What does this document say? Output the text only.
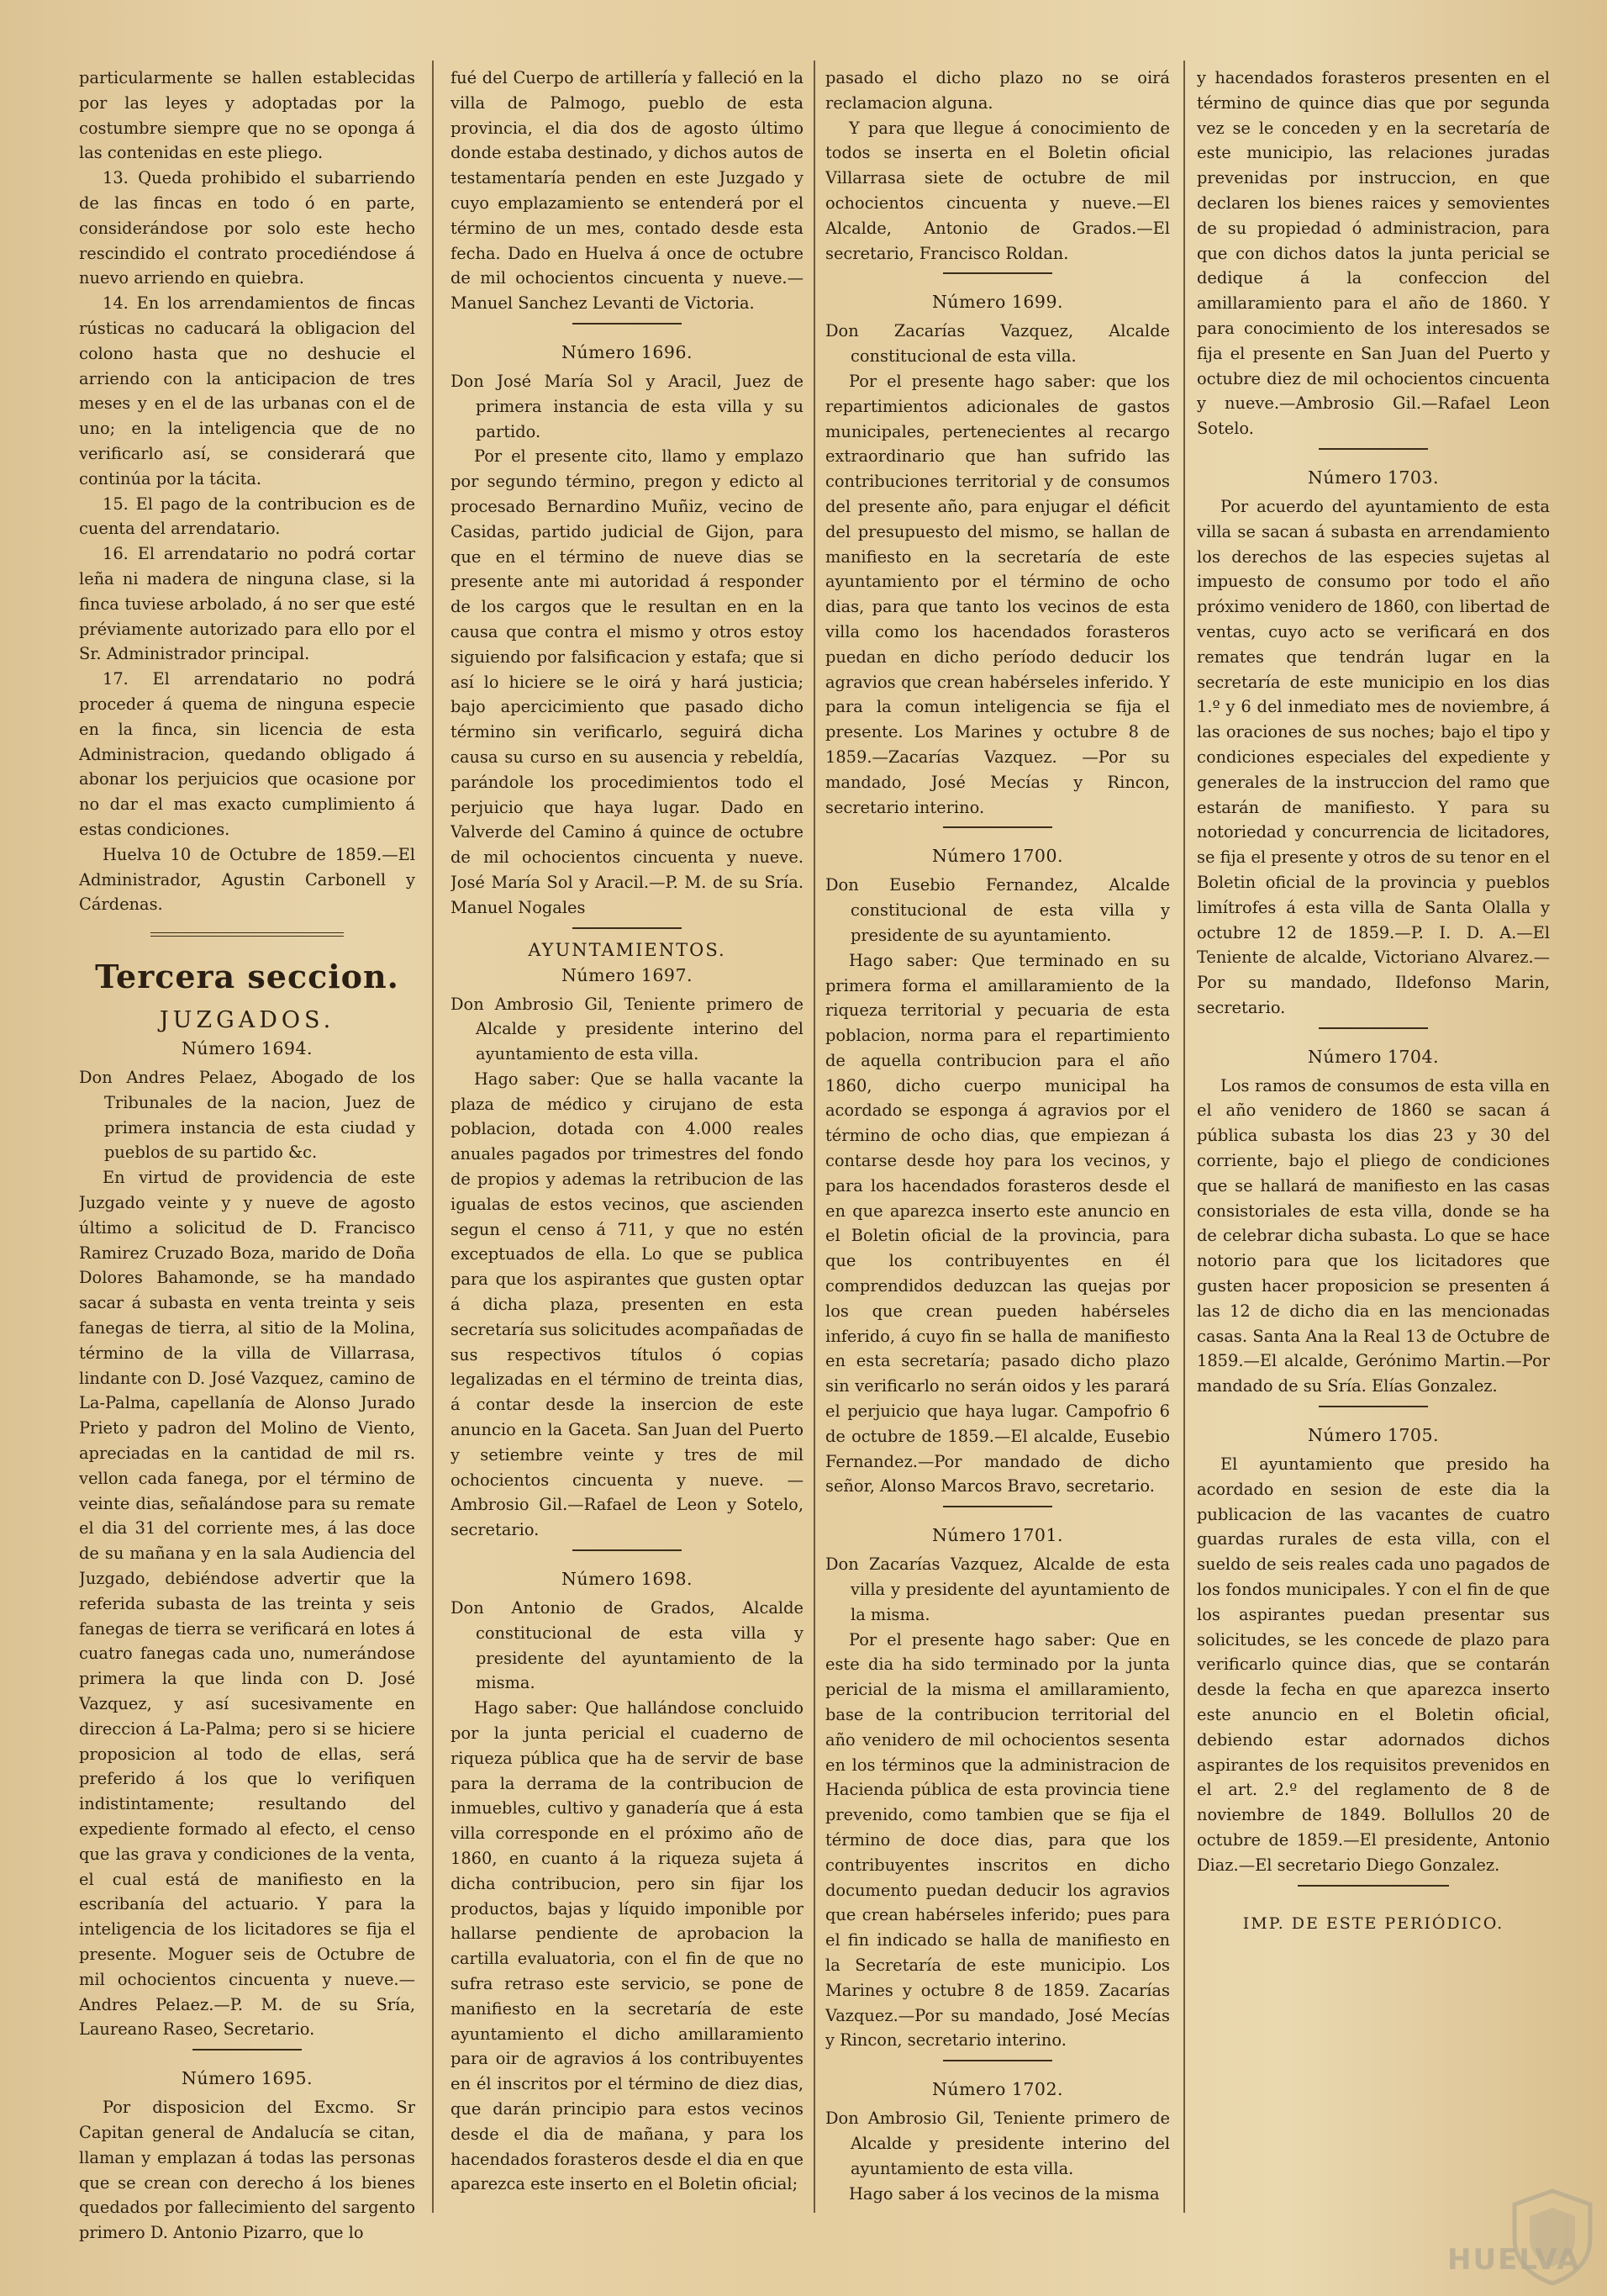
particularmente se hallen establecidas por las leyes y adoptadas por la costumbre siempre que no se oponga á las contenidas en este pliego.

13. Queda prohibido el subarriendo de las fincas en todo ó en parte, considerándose por solo este hecho rescindido el contrato procediéndose á nuevo arriendo en quiebra.

14. En los arrendamientos de fincas rústicas no caducará la obligacion del colono hasta que no deshucie el arriendo con la anticipacion de tres meses y en el de las urbanas con el de uno; en la inteligencia que de no verificarlo así, se considerará que continúa por la tácita.

15. El pago de la contribucion es de cuenta del arrendatario.

16. El arrendatario no podrá cortar leña ni madera de ninguna clase, si la finca tuviese arbolado, á no ser que esté préviamente autorizado para ello por el Sr. Administrador principal.

17. El arrendatario no podrá proceder á quema de ninguna especie en la finca, sin licencia de esta Administracion, quedando obligado á abonar los perjuicios que ocasione por no dar el mas exacto cumplimiento á estas condiciones.

Huelva 10 de Octubre de 1859.—El Administrador, Agustin Carbonell y Cárdenas.

Tercera seccion.
JUZGADOS.
Número 1694.

Don Andres Pelaez, Abogado de los Tribunales de la nacion, Juez de primera instancia de esta ciudad y pueblos de su partido &c.

En virtud de providencia de este Juzgado veinte y y nueve de agosto último a solicitud de D. Francisco Ramirez Cruzado Boza, marido de Doña Dolores Bahamonde, se ha mandado sacar á subasta en venta treinta y seis fanegas de tierra, al sitio de la Molina, término de la villa de Villarrasa, lindante con D. José Vazquez, camino de La-Palma, capellanía de Alonso Jurado Prieto y padron del Molino de Viento, apreciadas en la cantidad de mil rs. vellon cada fanega, por el término de veinte dias, señalándose para su remate el dia 31 del corriente mes, á las doce de su mañana y en la sala Audiencia del Juzgado, debiéndose advertir que la referida subasta de las treinta y seis fanegas de tierra se verificará en lotes á cuatro fanegas cada uno, numerándose primera la que linda con D. José Vazquez, y así sucesivamente en direccion á La-Palma; pero si se hiciere proposicion al todo de ellas, será preferido á los que lo verifiquen indistintamente; resultando del expediente formado al efecto, el censo que las grava y condiciones de la venta, el cual está de manifiesto en la escribanía del actuario. Y para la inteligencia de los licitadores se fija el presente. Moguer seis de Octubre de mil ochocientos cincuenta y nueve.—Andres Pelaez.—P. M. de su Sría, Laureano Raseo, Secretario.

Número 1695.

Por disposicion del Excmo. Sr Capitan general de Andalucía se citan, llaman y emplazan á todas las personas que se crean con derecho á los bienes quedados por fallecimiento del sargento primero D. Antonio Pizarro, que lo

fué del Cuerpo de artillería y falleció en la villa de Palmogo, pueblo de esta provincia, el dia dos de agosto último donde estaba destinado, y dichos autos de testamentaría penden en este Juzgado y cuyo emplazamiento se entenderá por el término de un mes, contado desde esta fecha. Dado en Huelva á once de octubre de mil ochocientos cincuenta y nueve.—Manuel Sanchez Levanti de Victoria.

Número 1696.

Don José María Sol y Aracil, Juez de primera instancia de esta villa y su partido.

Por el presente cito, llamo y emplazo por segundo término, pregon y edicto al procesado Bernardino Muñiz, vecino de Casidas, partido judicial de Gijon, para que en el término de nueve dias se presente ante mi autoridad á responder de los cargos que le resultan en en la causa que contra el mismo y otros estoy siguiendo por falsificacion y estafa; que si así lo hiciere se le oirá y hará justicia; bajo apercicimiento que pasado dicho término sin verificarlo, seguirá dicha causa su curso en su ausencia y rebeldía, parándole los procedimientos todo el perjuicio que haya lugar. Dado en Valverde del Camino á quince de octubre de mil ochocientos cincuenta y nueve. José María Sol y Aracil.—P. M. de su Sría. Manuel Nogales

AYUNTAMIENTOS.
Número 1697.

Don Ambrosio Gil, Teniente primero de Alcalde y presidente interino del ayuntamiento de esta villa.

Hago saber: Que se halla vacante la plaza de médico y cirujano de esta poblacion, dotada con 4.000 reales anuales pagados por trimestres del fondo de propios y ademas la retribucion de las igualas de estos vecinos, que ascienden segun el censo á 711, y que no estén exceptuados de ella. Lo que se publica para que los aspirantes que gusten optar á dicha plaza, presenten en esta secretaría sus solicitudes acompañadas de sus respectivos títulos ó copias legalizadas en el término de treinta dias, á contar desde la insercion de este anuncio en la Gaceta. San Juan del Puerto y setiembre veinte y tres de mil ochocientos cincuenta y nueve. —Ambrosio Gil.—Rafael de Leon y Sotelo, secretario.

Número 1698.

Don Antonio de Grados, Alcalde constitucional de esta villa y presidente del ayuntamiento de la misma.

Hago saber: Que hallándose concluido por la junta pericial el cuaderno de riqueza pública que ha de servir de base para la derrama de la contribucion de inmuebles, cultivo y ganadería que á esta villa corresponde en el próximo año de 1860, en cuanto á la riqueza sujeta á dicha contribucion, pero sin fijar los productos, bajas y líquido imponible por hallarse pendiente de aprobacion la cartilla evaluatoria, con el fin de que no sufra retraso este servicio, se pone de manifiesto en la secretaría de este ayuntamiento el dicho amillaramiento para oir de agravios á los contribuyentes en él inscritos por el término de diez dias, que darán principio para estos vecinos desde el dia de mañana, y para los hacendados forasteros desde el dia en que aparezca este inserto en el Boletin oficial;

pasado el dicho plazo no se oirá reclamacion alguna.

Y para que llegue á conocimiento de todos se inserta en el Boletin oficial Villarrasa siete de octubre de mil ochocientos cincuenta y nueve.—El Alcalde, Antonio de Grados.—El secretario, Francisco Roldan.

Número 1699.

Don Zacarías Vazquez, Alcalde constitucional de esta villa.

Por el presente hago saber: que los repartimientos adicionales de gastos municipales, pertenecientes al recargo extraordinario que han sufrido las contribuciones territorial y de consumos del presente año, para enjugar el déficit del presupuesto del mismo, se hallan de manifiesto en la secretaría de este ayuntamiento por el término de ocho dias, para que tanto los vecinos de esta villa como los hacendados forasteros puedan en dicho período deducir los agravios que crean habérseles inferido. Y para la comun inteligencia se fija el presente. Los Marines y octubre 8 de 1859.—Zacarías Vazquez. —Por su mandado, José Mecías y Rincon, secretario interino.

Número 1700.

Don Eusebio Fernandez, Alcalde constitucional de esta villa y presidente de su ayuntamiento.

Hago saber: Que terminado en su primera forma el amillaramiento de la riqueza territorial y pecuaria de esta poblacion, norma para el repartimiento de aquella contribucion para el año 1860, dicho cuerpo municipal ha acordado se esponga á agravios por el término de ocho dias, que empiezan á contarse desde hoy para los vecinos, y para los hacendados forasteros desde el en que aparezca inserto este anuncio en el Boletin oficial de la provincia, para que los contribuyentes en él comprendidos deduzcan las quejas por los que crean pueden habérseles inferido, á cuyo fin se halla de manifiesto en esta secretaría; pasado dicho plazo sin verificarlo no serán oidos y les parará el perjuicio que haya lugar. Campofrio 6 de octubre de 1859.—El alcalde, Eusebio Fernandez.—Por mandado de dicho señor, Alonso Marcos Bravo, secretario.

Número 1701.

Don Zacarías Vazquez, Alcalde de esta villa y presidente del ayuntamiento de la misma.

Por el presente hago saber: Que en este dia ha sido terminado por la junta pericial de la misma el amillaramiento, base de la contribucion territorial del año venidero de mil ochocientos sesenta en los términos que la administracion de Hacienda pública de esta provincia tiene prevenido, como tambien que se fija el término de doce dias, para que los contribuyentes inscritos en dicho documento puedan deducir los agravios que crean habérseles inferido; pues para el fin indicado se halla de manifiesto en la Secretaría de este municipio. Los Marines y octubre 8 de 1859. Zacarías Vazquez.—Por su mandado, José Mecías y Rincon, secretario interino.

Número 1702.

Don Ambrosio Gil, Teniente primero de Alcalde y presidente interino del ayuntamiento de esta villa.

Hago saber á los vecinos de la misma

y hacendados forasteros presenten en el término de quince dias que por segunda vez se le conceden y en la secretaría de este municipio, las relaciones juradas prevenidas por instruccion, en que declaren los bienes raices y semovientes de su propiedad ó administracion, para que con dichos datos la junta pericial se dedique á la confeccion del amillaramiento para el año de 1860. Y para conocimiento de los interesados se fija el presente en San Juan del Puerto y octubre diez de mil ochocientos cincuenta y nueve.—Ambrosio Gil.—Rafael Leon Sotelo.

Número 1703.

Por acuerdo del ayuntamiento de esta villa se sacan á subasta en arrendamiento los derechos de las especies sujetas al impuesto de consumo por todo el año próximo venidero de 1860, con libertad de ventas, cuyo acto se verificará en dos remates que tendrán lugar en la secretaría de este municipio en los dias 1.º y 6 del inmediato mes de noviembre, á las oraciones de sus noches; bajo el tipo y condiciones especiales del expediente y generales de la instruccion del ramo que estarán de manifiesto. Y para su notoriedad y concurrencia de licitadores, se fija el presente y otros de su tenor en el Boletin oficial de la provincia y pueblos limítrofes á esta villa de Santa Olalla y octubre 12 de 1859.—P. I. D. A.—El Teniente de alcalde, Victoriano Alvarez.—Por su mandado, Ildefonso Marin, secretario.

Número 1704.

Los ramos de consumos de esta villa en el año venidero de 1860 se sacan á pública subasta los dias 23 y 30 del corriente, bajo el pliego de condiciones que se hallará de manifiesto en las casas consistoriales de esta villa, donde se ha de celebrar dicha subasta. Lo que se hace notorio para que los licitadores que gusten hacer proposicion se presenten á las 12 de dicho dia en las mencionadas casas. Santa Ana la Real 13 de Octubre de 1859.—El alcalde, Gerónimo Martin.—Por mandado de su Sría. Elías Gonzalez.

Número 1705.

El ayuntamiento que presido ha acordado en sesion de este dia la publicacion de las vacantes de cuatro guardas rurales de esta villa, con el sueldo de seis reales cada uno pagados de los fondos municipales. Y con el fin de que los aspirantes puedan presentar sus solicitudes, se les concede de plazo para verificarlo quince dias, que se contarán desde la fecha en que aparezca inserto este anuncio en el Boletin oficial, debiendo estar adornados dichos aspirantes de los requisitos prevenidos en el art. 2.º del reglamento de 8 de noviembre de 1849. Bollullos 20 de octubre de 1859.—El presidente, Antonio Diaz.—El secretario Diego Gonzalez.

IMP. DE ESTE PERIÓDICO.
HUELVA
